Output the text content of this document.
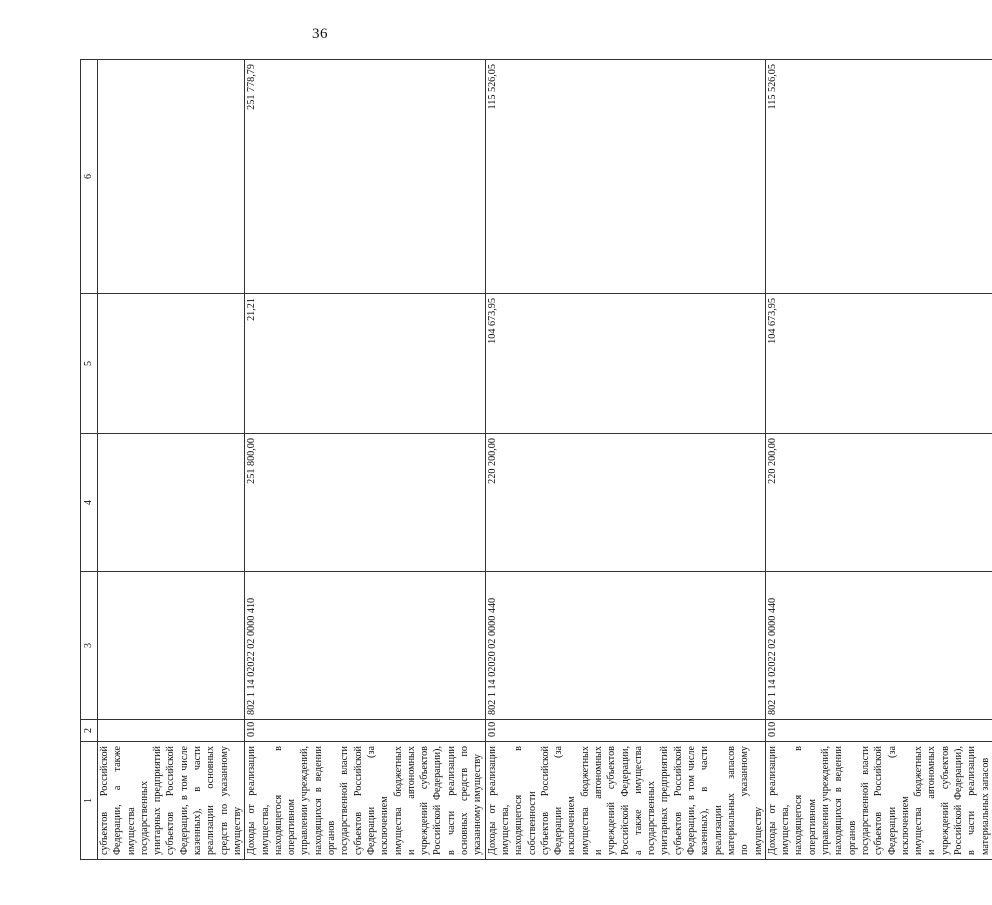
36
1	2	3	4	5	6
субъектов Российской Федерации, а также имущества государственных унитарных предприятий субъектов Российской Федерации, в том числе казенных), в части реализации основных средств по указанному имуществу					
Доходы от реализации имущества, находящегося в оперативном управлении учреждений, находящихся в ведении органов государственной власти субъектов Российской Федерации (за исключением имущества бюджетных и автономных учреждений субъектов Российской Федерации), в части реализации основных средств по указанному имуществу	010	802 1 14 02022 02 0000 410	251 800,00	21,21	251 778,79
Доходы от реализации имущества, находящегося в собственности субъектов Российской Федерации (за исключением имущества бюджетных и автономных учреждений субъектов Российской Федерации, а также имущества государственных унитарных предприятий субъектов Российской Федерации, в том числе казенных), в части реализации материальных запасов по указанному имуществу	010	802 1 14 02020 02 0000 440	220 200,00	104 673,95	115 526,05
Доходы от реализации имущества, находящегося в оперативном управлении учреждений, находящихся в ведении органов государственной власти субъектов Российской Федерации (за исключением имущества бюджетных и автономных учреждений субъектов Российской Федерации), в части реализации материальных запасов	010	802 1 14 02022 02 0000 440	220 200,00	104 673,95	115 526,05
